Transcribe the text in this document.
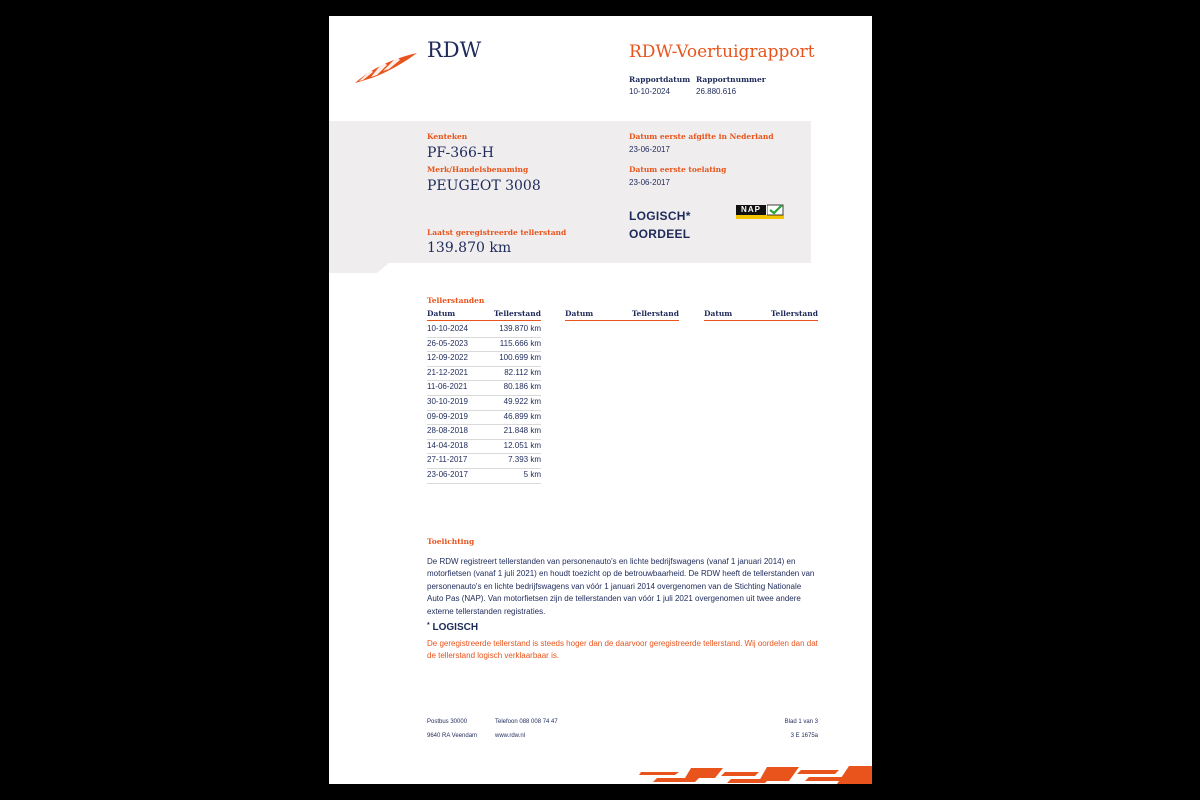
RDW	RDW-Voertuigrapport
Rapportdatum
10-10-2024
Rapportnummer
26.880.616
Kenteken
PF-366-H
Merk/Handelsbenaming
PEUGEOT 3008
Laatst geregistreerde tellerstand
139.870 km
Datum eerste afgifte in Nederland
23-06-2017
Datum eerste toelating
23-06-2017
LOGISCH*
OORDEEL
NAP
Tellerstanden
Datum	Tellerstand	Datum	Tellerstand	Datum	Tellerstand
10-10-2024	139.870 km
26-05-2023	115.666 km
12-09-2022	100.699 km
21-12-2021	82.112 km
11-06-2021	80.186 km
30-10-2019	49.922 km
09-09-2019	46.899 km
28-08-2018	21.848 km
14-04-2018	12.051 km
27-11-2017	7.393 km
23-06-2017	5 km
Toelichting
De RDW registreert tellerstanden van personenauto's en lichte bedrijfswagens (vanaf 1 januari 2014) en motorfietsen (vanaf 1 juli 2021) en houdt toezicht op de betrouwbaarheid. De RDW heeft de tellerstanden van personenauto's en lichte bedrijfswagens van vóór 1 januari 2014 overgenomen van de Stichting Nationale Auto Pas (NAP). Van motorfietsen zijn de tellerstanden van vóór 1 juli 2021 overgenomen uit twee andere externe tellerstanden registraties.
* LOGISCH
De geregistreerde tellerstand is steeds hoger dan de daarvoor geregistreerde tellerstand. Wij oordelen dan dat de tellerstand logisch verklaarbaar is.
Postbus 30000
9640 RA Veendam
Telefoon 088 008 74 47
www.rdw.nl
Blad 1 van 3
3 E 1675a
